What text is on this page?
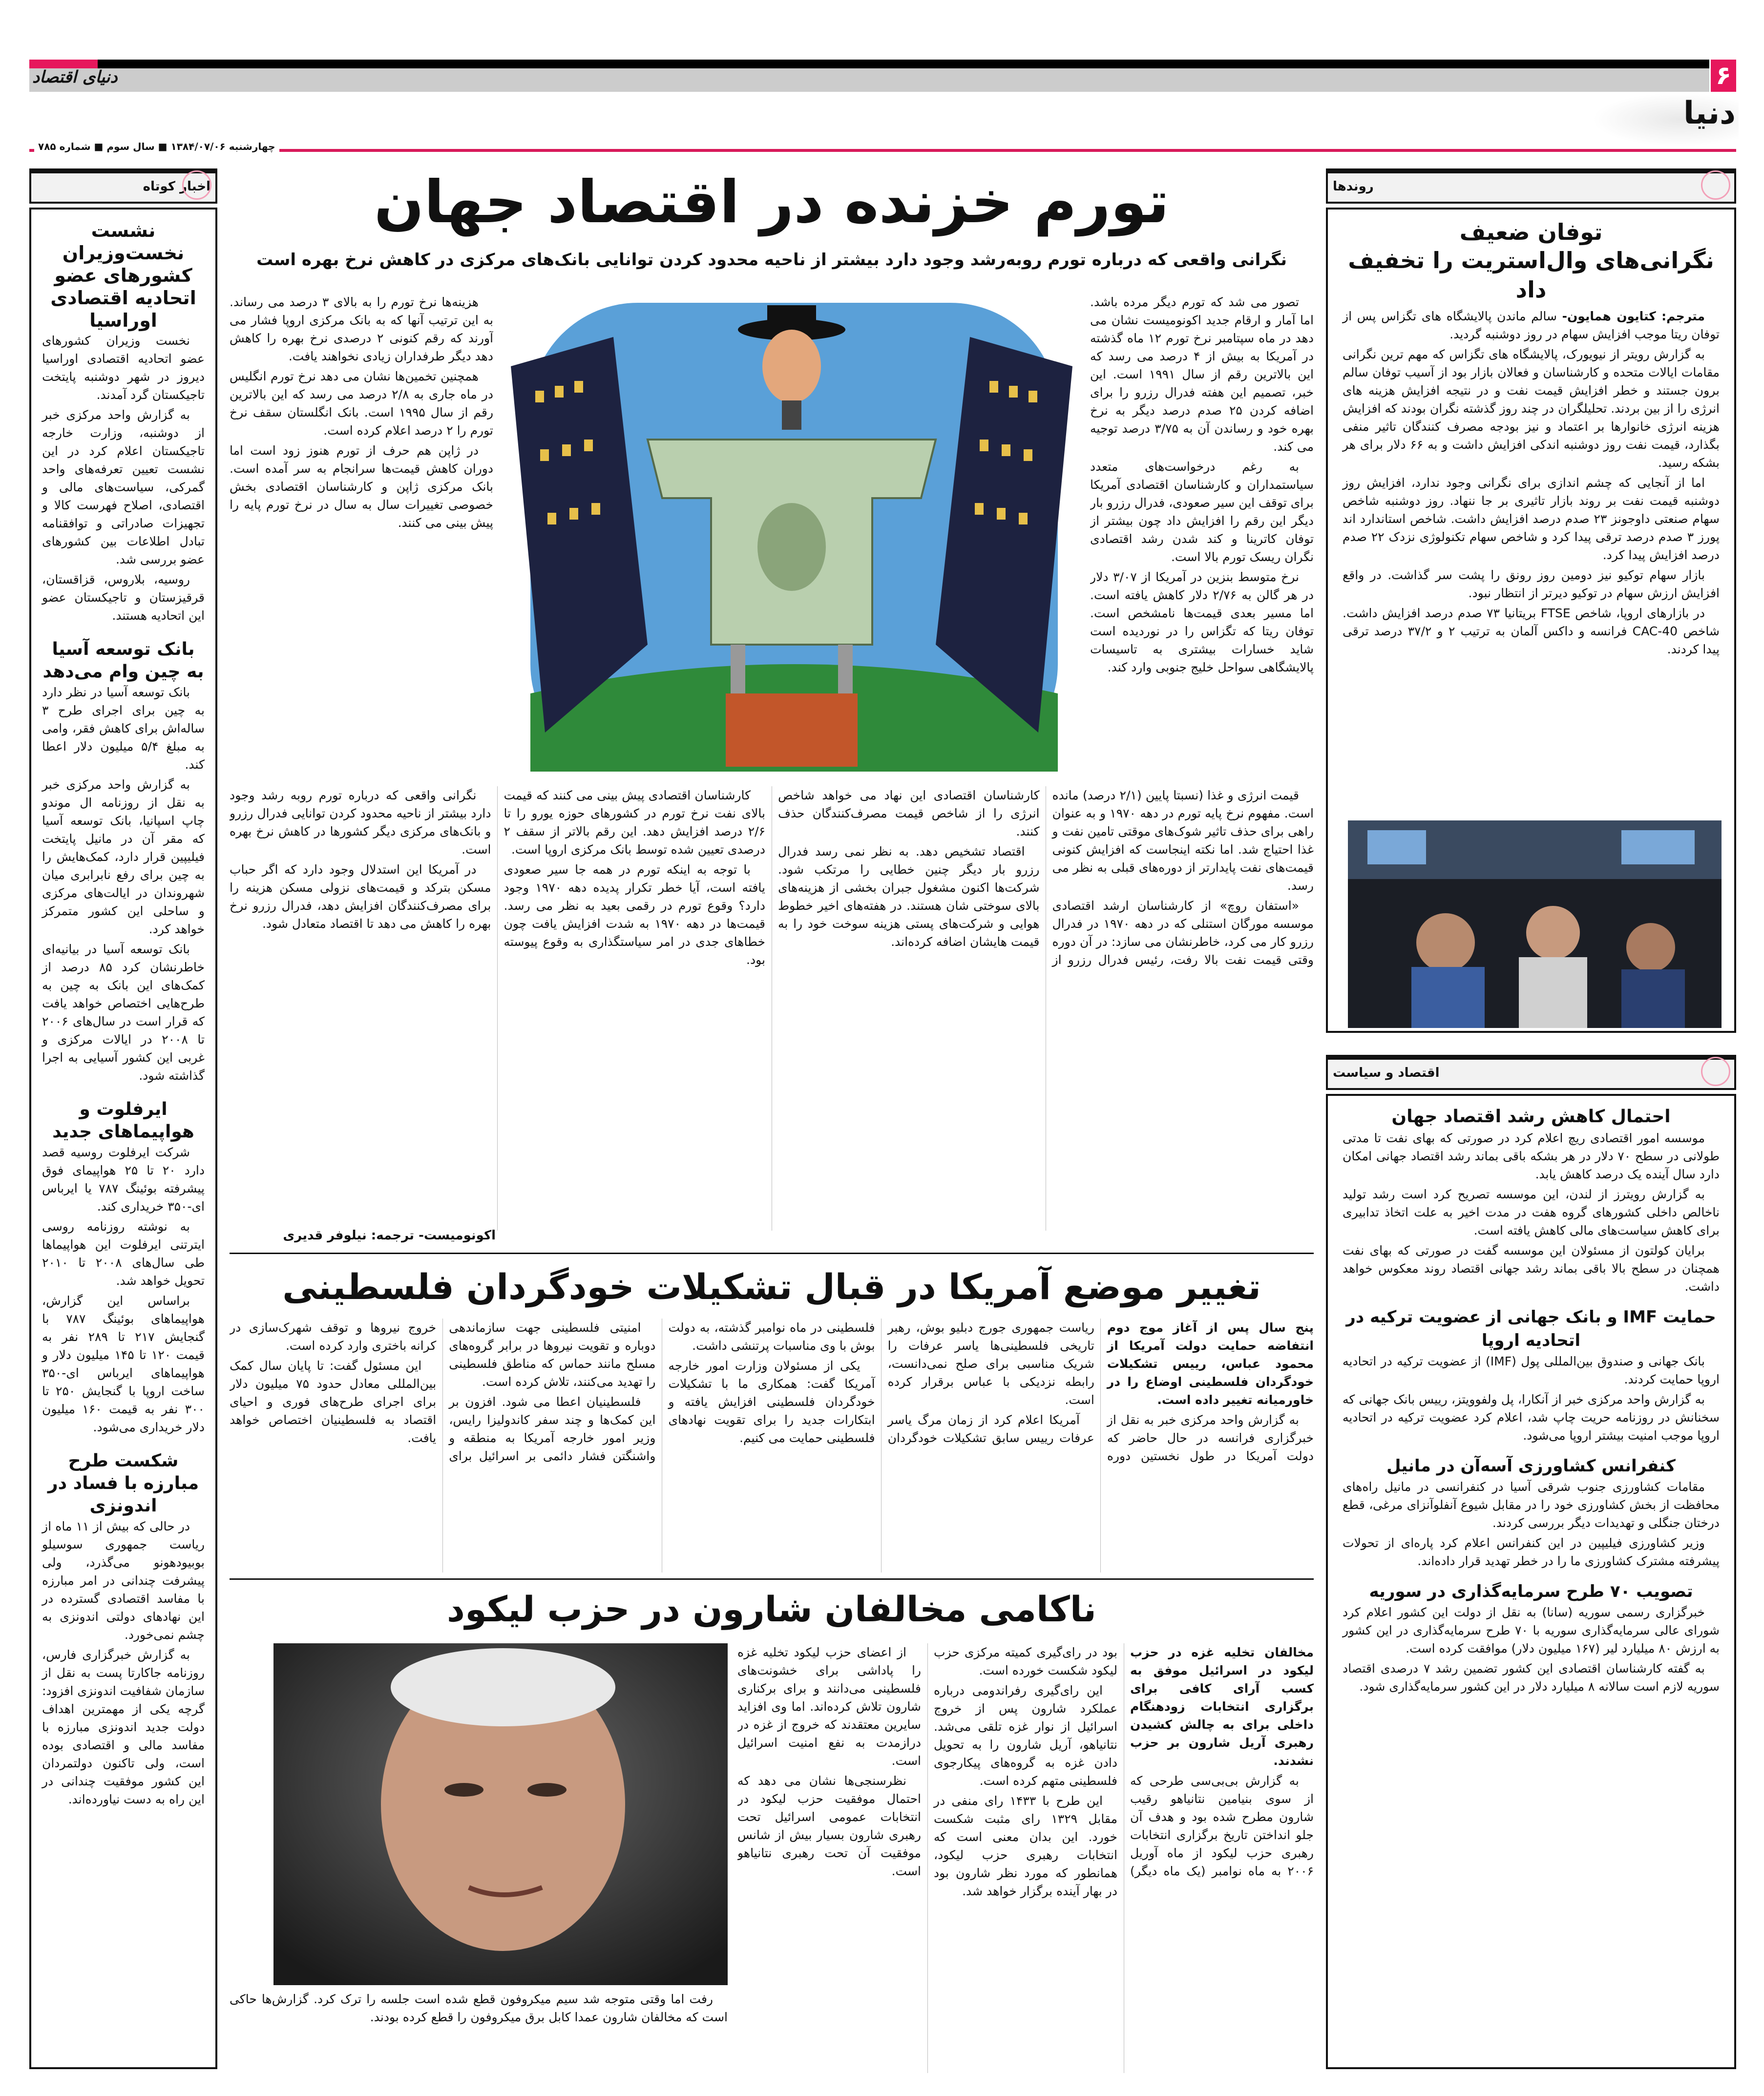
دنیای اقتصاد	۶
دنیا
چهارشنبه ۱۳۸۴/۰۷/۰۶ ■ سال سوم ■ شماره ۷۸۵
اخبار کوتاه
نشست نخست‌وزیران کشورهای عضو اتحادیه اقتصادی اوراسیا

نخست وزیران کشورهای عضو اتحادیه اقتصادی اوراسیا دیروز در شهر دوشنبه پایتخت تاجیکستان گرد آمدند.

به گزارش واحد مرکزی خبر از دوشنبه، وزارت خارجه تاجیکستان اعلام کرد در این نشست تعیین تعرفه‌های واحد گمرکی، سیاست‌های مالی و اقتصادی، اصلاح فهرست کالا و تجهیزات صادراتی و توافقنامه تبادل اطلاعات بین کشورهای عضو بررسی شد.

روسیه، بلاروس، قزاقستان، قرقیزستان و تاجیکستان عضو این اتحادیه هستند.

بانک توسعه آسیا به چین وام می‌دهد

بانک توسعه آسیا در نظر دارد به چین برای اجرای طرح ۳ ساله‌اش برای کاهش فقر، وامی به مبلغ ۵/۴ میلیون دلار اعطا کند.

به گزارش واحد مرکزی خبر به نقل از روزنامه ال موندو چاپ اسپانیا، بانک توسعه آسیا که مقر آن در مانیل پایتخت فیلیپین قرار دارد، کمک‌هایش را به چین برای رفع نابرابری میان شهروندان در ایالت‌های مرکزی و ساحلی این کشور متمرکز خواهد کرد.

بانک توسعه آسیا در بیانیه‌ای خاطرنشان کرد ۸۵ درصد از کمک‌های این بانک به چین به طرح‌هایی اختصاص خواهد یافت که قرار است در سال‌های ۲۰۰۶ تا ۲۰۰۸ در ایالات مرکزی و غربی این کشور آسیایی به اجرا گذاشته شود.

ایرفلوت و هواپیماهای جدید

شرکت ایرفلوت روسیه قصد دارد ۲۰ تا ۲۵ هواپیمای فوق پیشرفته بوئینگ ۷۸۷ یا ایرباس ای-۳۵۰ خریداری کند.

به نوشته روزنامه روسی ایترتنی ایرفلوت این هواپیماها طی سال‌های ۲۰۰۸ تا ۲۰۱۰ تحویل خواهد شد.

براساس این گزارش، هواپیماهای بوئینگ ۷۸۷ با گنجایش ۲۱۷ تا ۲۸۹ نفر به قیمت ۱۲۰ تا ۱۴۵ میلیون دلار و هواپیماهای ایرباس ای-۳۵۰ ساخت اروپا با گنجایش ۲۵۰ تا ۳۰۰ نفر به قیمت ۱۶۰ میلیون دلار خریداری می‌شود.

شکست طرح مبارزه با فساد در اندونزی

در حالی که بیش از ۱۱ ماه از ریاست جمهوری سوسیلو بوبیودهونو می‌گذرد، ولی پیشرفت چندانی در امر مبارزه با مفاسد اقتصادی گسترده در این نهادهای دولتی اندونزی به چشم نمی‌خورد.

به گزارش خبرگزاری فارس، روزنامه جاکارتا پست به نقل از سازمان شفافیت اندونزی افزود: گرچه یکی از مهمترین اهداف دولت جدید اندونزی مبارزه با مفاسد مالی و اقتصادی بوده است، ولی تاکنون دولتمردان این کشور موفقیت چندانی در این راه به دست نیاورده‌اند.

تورم خزنده در اقتصاد جهان
نگرانی واقعی که درباره تورم روبه‌رشد وجود دارد بیشتر از ناحیه محدود کردن توانایی بانک‌های مرکزی در کاهش نرخ بهره است

تصور می شد که تورم دیگر مرده باشد. اما آمار و ارقام جدید اکونومیست نشان می دهد در ماه سپتامبر نرخ تورم ۱۲ ماه گذشته در آمریکا به بیش از ۴ درصد می رسد که این بالاترین رقم از سال ۱۹۹۱ است. این خبر، تصمیم این هفته فدرال رزرو را برای اضافه کردن ۲۵ صدم درصد دیگر به نرخ بهره خود و رساندن آن به ۳/۷۵ درصد توجیه می کند.

به رغم درخواست‌های متعدد سیاستمداران و کارشناسان اقتصادی آمریکا برای توقف این سیر صعودی، فدرال رزرو بار دیگر این رقم را افزایش داد چون بیشتر از توفان کاترینا و کند شدن رشد اقتصادی نگران ریسک تورم بالا است.

نرخ متوسط بنزین در آمریکا از ۳/۰۷ دلار در هر گالن به ۲/۷۶ دلار کاهش یافته است. اما مسیر بعدی قیمت‌ها نامشخص است. توفان ریتا که تگزاس را در نوردیده است شاید خسارات بیشتری به تاسیسات پالایشگاهی سواحل خلیج جنوبی وارد کند.

هزینه‌ها نرخ تورم را به بالای ۳ درصد می رساند. به این ترتیب آنها که به بانک مرکزی اروپا فشار می آورند که رقم کنونی ۲ درصدی نرخ بهره را کاهش دهد دیگر طرفداران زیادی نخواهند یافت.

همچنین تخمین‌ها نشان می دهد نرخ تورم انگلیس در ماه جاری به ۲/۸ درصد می رسد که این بالاترین رقم از سال ۱۹۹۵ است. بانک انگلستان سقف نرخ تورم را ۲ درصد اعلام کرده است.

در ژاپن هم حرف از تورم هنوز زود است اما دوران کاهش قیمت‌ها سرانجام به سر آمده است. بانک مرکزی ژاپن و کارشناسان اقتصادی بخش خصوصی تغییرات سال به سال در نرخ تورم پایه را پیش بینی می کنند.

قیمت انرژی و غذا (نسبتا پایین (۲/۱ درصد) مانده است. مفهوم نرخ پایه تورم در دهه ۱۹۷۰ و به عنوان راهی برای حذف تاثیر شوک‌های موقتی تامین نفت و غذا احتیاج شد. اما نکته اینجاست که افزایش کنونی قیمت‌های نفت پایدارتر از دوره‌های قبلی به نظر می رسد.

«استفان روچ» از کارشناسان ارشد اقتصادی موسسه مورگان استنلی که در دهه ۱۹۷۰ در فدرال رزرو کار می کرد، خاطرنشان می سازد: در آن دوره وقتی قیمت نفت بالا رفت، رئیس فدرال رزرو از کارشناسان اقتصادی این نهاد می خواهد شاخص انرژی را از شاخص قیمت مصرف‌کنندگان حذف کنند.

اقتصاد تشخیص دهد. به نظر نمی رسد فدرال رزرو بار دیگر چنین خطایی را مرتکب شود. شرکت‌ها اکنون مشغول جبران بخشی از هزینه‌های بالای سوختی شان هستند. در هفته‌های اخیر خطوط هوایی و شرکت‌های پستی هزینه سوخت خود را به قیمت هایشان اضافه کرده‌اند.

کارشناسان اقتصادی پیش بینی می کنند که قیمت بالای نفت نرخ تورم در کشورهای حوزه یورو را تا ۲/۶ درصد افزایش دهد. این رقم بالاتر از سقف ۲ درصدی تعیین شده توسط بانک مرکزی اروپا است.

با توجه به اینکه تورم در همه جا سیر صعودی یافته است، آیا خطر تکرار پدیده دهه ۱۹۷۰ وجود دارد؟ وقوع تورم در رقمی بعید به نظر می رسد. قیمت‌ها در دهه ۱۹۷۰ به شدت افزایش یافت چون خطاهای جدی در امر سیاستگذاری به وقوع پیوسته بود.

نگرانی واقعی که درباره تورم روبه رشد وجود دارد بیشتر از ناحیه محدود کردن توانایی فدرال رزرو و بانک‌های مرکزی دیگر کشورها در کاهش نرخ بهره است.

در آمریکا این استدلال وجود دارد که اگر حباب مسکن بترکد و قیمت‌های نزولی مسکن هزینه را برای مصرف‌کنندگان افزایش دهد، فدرال رزرو نرخ بهره را کاهش می دهد تا اقتصاد متعادل شود.

اکونومیست- ترجمه: نیلوفر قدیری
تغییر موضع آمریکا در قبال تشکیلات خودگردان فلسطینی

پنج سال پس از آغاز موج دوم انتفاضه حمایت دولت آمریکا از محمود عباس، رییس تشکیلات خودگردان فلسطینی اوضاع را در خاورمیانه تغییر داده است.

به گزارش واحد مرکزی خبر به نقل از خبرگزاری فرانسه در حال حاضر که دولت آمریکا در طول نخستین دوره ریاست جمهوری جورج دبلیو بوش، رهبر تاریخی فلسطینی‌ها یاسر عرفات را شریک مناسبی برای صلح نمی‌دانست، رابطه نزدیکی با عباس برقرار کرده است.

آمریکا اعلام کرد از زمان مرگ یاسر عرفات رییس سابق تشکیلات خودگردان فلسطینی در ماه نوامبر گذشته، به دولت بوش با وی مناسبات پرتنشی داشت.

یکی از مسئولان وزارت امور خارجه آمریکا گفت: همکاری ما با تشکیلات خودگردان فلسطینی افزایش یافته و ابتکارات جدید را برای تقویت نهادهای فلسطینی حمایت می کنیم.

امنیتی فلسطینی جهت سازماندهی دوباره و تقویت نیروها در برابر گروه‌های مسلح مانند حماس که مناطق فلسطینی را تهدید می‌کنند، تلاش کرده است.

فلسطینیان اعطا می شود. افزون بر این کمک‌ها و چند سفر کاندولیزا رایس، وزیر امور خارجه آمریکا به منطقه و واشنگتن فشار دائمی بر اسرائیل برای خروج نیروها و توقف شهرک‌سازی در کرانه باختری وارد کرده است.

این مسئول گفت: تا پایان سال کمک بین‌المللی معادل حدود ۷۵ میلیون دلار برای اجرای طرح‌های فوری و احیای اقتصاد به فلسطینیان اختصاص خواهد یافت.

ناکامی مخالفان شارون در حزب لیکود

مخالفان تخلیه غزه در حزب لیکود در اسرائیل موفق به کسب آرای کافی برای برگزاری انتخابات زودهنگام داخلی برای به چالش کشیدن رهبری آریل شارون بر حزب نشدند.

به گزارش بی‌بی‌سی طرحی که از سوی بنیامین نتانیاهو رقیب شارون مطرح شده بود و هدف آن جلو انداختن تاریخ برگزاری انتخابات رهبری حزب لیکود از ماه آوریل ۲۰۰۶ به ماه نوامبر (یک ماه دیگر) بود در رای‌گیری کمیته مرکزی حزب لیکود شکست خورده است.

این رای‌گیری رفراندومی درباره عملکرد شارون پس از خروج اسرائیل از نوار غزه تلقی می‌شد. نتانیاهو، آریل شارون را به تحویل دادن غزه به گروه‌های پیکارجوی فلسطینی متهم کرده است.

این طرح با ۱۴۳۳ رای منفی در مقابل ۱۳۲۹ رای مثبت شکست خورد. این بدان معنی است که انتخابات رهبری حزب لیکود، همانطور که مورد نظر شارون بود در بهار آینده برگزار خواهد شد.

از اعضای حزب لیکود تخلیه غزه را پاداشی برای خشونت‌های فلسطینی می‌دانند و برای برکناری شارون تلاش کرده‌اند. اما وی افزاید سایرین معتقدند که خروج از غزه در درازمدت به نفع امنیت اسرائیل است.

نظرسنجی‌ها نشان می دهد که احتمال موفقیت حزب لیکود در انتخابات عمومی اسرائیل تحت رهبری شارون بسیار بیش از شانس موفقیت آن تحت رهبری نتانیاهو است.

رفت اما وقتی متوجه شد سیم میکروفون قطع شده است جلسه را ترک کرد. گزارش‌ها حاکی است که مخالفان شارون عمدا کابل برق میکروفون را قطع کرده بودند.

روندها
توفان ضعیف
نگرانی‌های وال‌استریت را تخفیف داد

مترجم: کتایون همایون- سالم ماندن پالایشگاه های تگزاس پس از توفان ریتا موجب افزایش سهام در روز دوشنبه گردید.

به گزارش رویتر از نیویورک، پالایشگاه های تگزاس که مهم ترین نگرانی مقامات ایالات متحده و کارشناسان و فعالان بازار بود از آسیب توفان سالم برون جستند و خطر افزایش قیمت نفت و در نتیجه افزایش هزینه های انرژی را از بین بردند. تحلیلگران در چند روز گذشته نگران بودند که افزایش هزینه انرژی خانوارها بر اعتماد و نیز بودجه مصرف کنندگان تاثیر منفی بگذارد، قیمت نفت روز دوشنبه اندکی افزایش داشت و به ۶۶ دلار برای هر بشکه رسید.

اما از آنجایی که چشم اندازی برای نگرانی وجود ندارد، افزایش روز دوشنبه قیمت نفت بر روند بازار تاثیری بر جا ننهاد. روز دوشنبه شاخص سهام صنعتی داوجونز ۲۳ صدم درصد افزایش داشت. شاخص استاندارد اند پورز ۳ صدم درصد ترقی پیدا کرد و شاخص سهام تکنولوژی نزدک ۲۲ صدم درصد افزایش پیدا کرد.

بازار سهام توکیو نیز دومین روز رونق را پشت سر گذاشت. در واقع افزایش ارزش سهام در توکیو دیرتر از انتظار نبود.

در بازارهای اروپا، شاخص FTSE بریتانیا ۷۳ صدم درصد افزایش داشت. شاخص CAC-40 فرانسه و داکس آلمان به ترتیب ۲ و ۳۷/۲ درصد ترقی پیدا کردند.

اقتصاد و سیاست
احتمال کاهش رشد اقتصاد جهان

موسسه امور اقتصادی ریچ اعلام کرد در صورتی که بهای نفت تا مدتی طولانی در سطح ۷۰ دلار در هر بشکه باقی بماند رشد اقتصاد جهانی امکان دارد سال آینده یک درصد کاهش یابد.

به گزارش رویترز از لندن، این موسسه تصریح کرد است رشد تولید ناخالص داخلی کشورهای گروه هفت در مدت اخیر به علت اتخاذ تدابیری برای کاهش سیاست‌های مالی کاهش یافته است.

برایان کولتون از مسئولان این موسسه گفت در صورتی که بهای نفت همچنان در سطح بالا باقی بماند رشد جهانی اقتصاد روند معکوس خواهد داشت.

حمایت IMF و بانک جهانی از عضویت ترکیه در اتحادیه اروپا

بانک جهانی و صندوق بین‌المللی پول (IMF) از عضویت ترکیه در اتحادیه اروپا حمایت کردند.

به گزارش واحد مرکزی خبر از آنکارا، پل ولفوویتز، رییس بانک جهانی که سخنانش در روزنامه حریت چاپ شد، اعلام کرد عضویت ترکیه در اتحادیه اروپا موجب امنیت بیشتر اروپا می‌شود.

کنفرانس کشاورزی آسه‌آن در مانیل

مقامات کشاورزی جنوب شرقی آسیا در کنفرانسی در مانیل راه‌های محافظت از بخش کشاورزی خود را در مقابل شیوع آنفلوآنزای مرغی، قطع درختان جنگلی و تهدیدات دیگر بررسی کردند.

وزیر کشاورزی فیلیپین در این کنفرانس اعلام کرد پاره‌ای از تحولات پیشرفته مشترک کشاورزی ما را در خطر تهدید قرار داده‌اند.

تصویب ۷۰ طرح سرمایه‌گذاری در سوریه

خبرگزاری رسمی سوریه (سانا) به نقل از دولت این کشور اعلام کرد شورای عالی سرمایه‌گذاری سوریه با ۷۰ طرح سرمایه‌گذاری در این کشور به ارزش ۸۰ میلیارد لیر (۱۶۷ میلیون دلار) موافقت کرده است.

به گفته کارشناسان اقتصادی این کشور تضمین رشد ۷ درصدی اقتصاد سوریه لازم است سالانه ۸ میلیارد دلار در این کشور سرمایه‌گذاری شود.
